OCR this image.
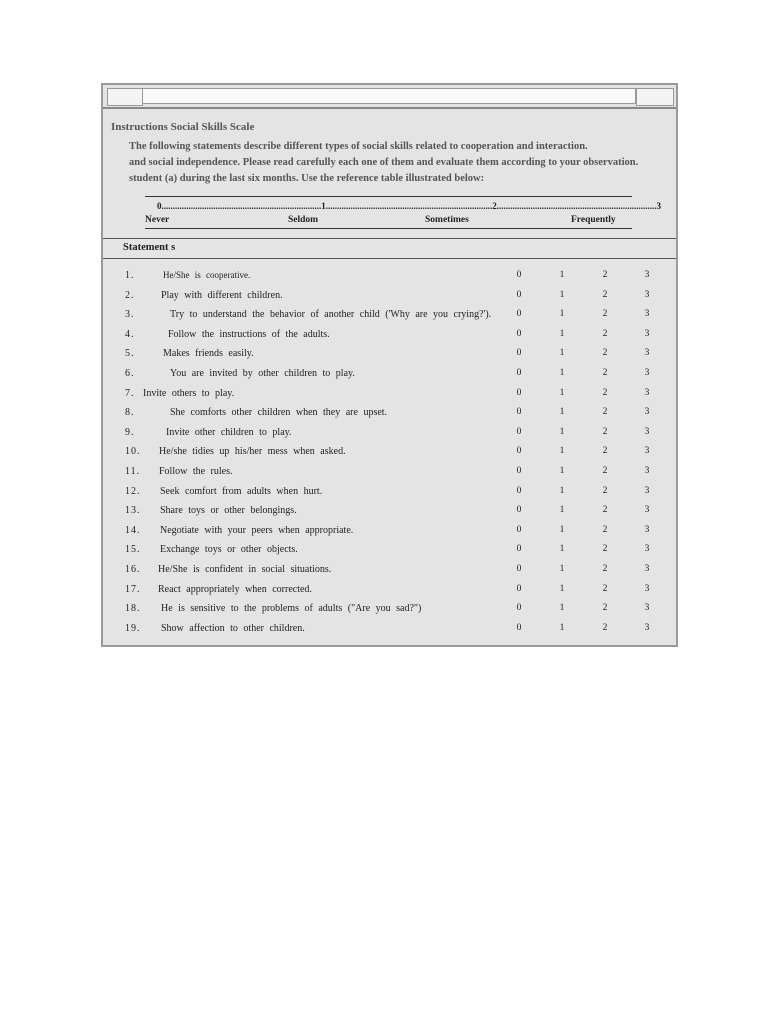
Instructions Social Skills Scale
The following statements describe different types of social skills related to cooperation and interaction.
and social independence. Please read carefully each one of them and evaluate them according to your observation.
student (a) during the last six months. Use the reference table illustrated below:
0.......................................................................1..........................................................................2.......................................................................3
Never	Seldom	Sometimes	Frequently
Statement s
1.	He/She is cooperative.	0	1	2	3
2.	Play with different children.	0	1	2	3
3.	Try to understand the behavior of another child ('Why are you crying?').	0	1	2	3
4.	Follow the instructions of the adults.	0	1	2	3
5.	Makes friends easily.	0	1	2	3
6.	You are invited by other children to play.	0	1	2	3
7. Invite others to play.	0	1	2	3
8.	She comforts other children when they are upset.	0	1	2	3
9.	Invite other children to play.	0	1	2	3
10. He/she tidies up his/her mess when asked.	0	1	2	3
11. Follow the rules.	0	1	2	3
12. Seek comfort from adults when hurt.	0	1	2	3
13. Share toys or other belongings.	0	1	2	3
14. Negotiate with your peers when appropriate.	0	1	2	3
15. Exchange toys or other objects.	0	1	2	3
16. He/She is confident in social situations.	0	1	2	3
17. React appropriately when corrected.	0	1	2	3
18. He is sensitive to the problems of adults ("Are you sad?")	0	1	2	3
19. Show affection to other children.	0	1	2	3
